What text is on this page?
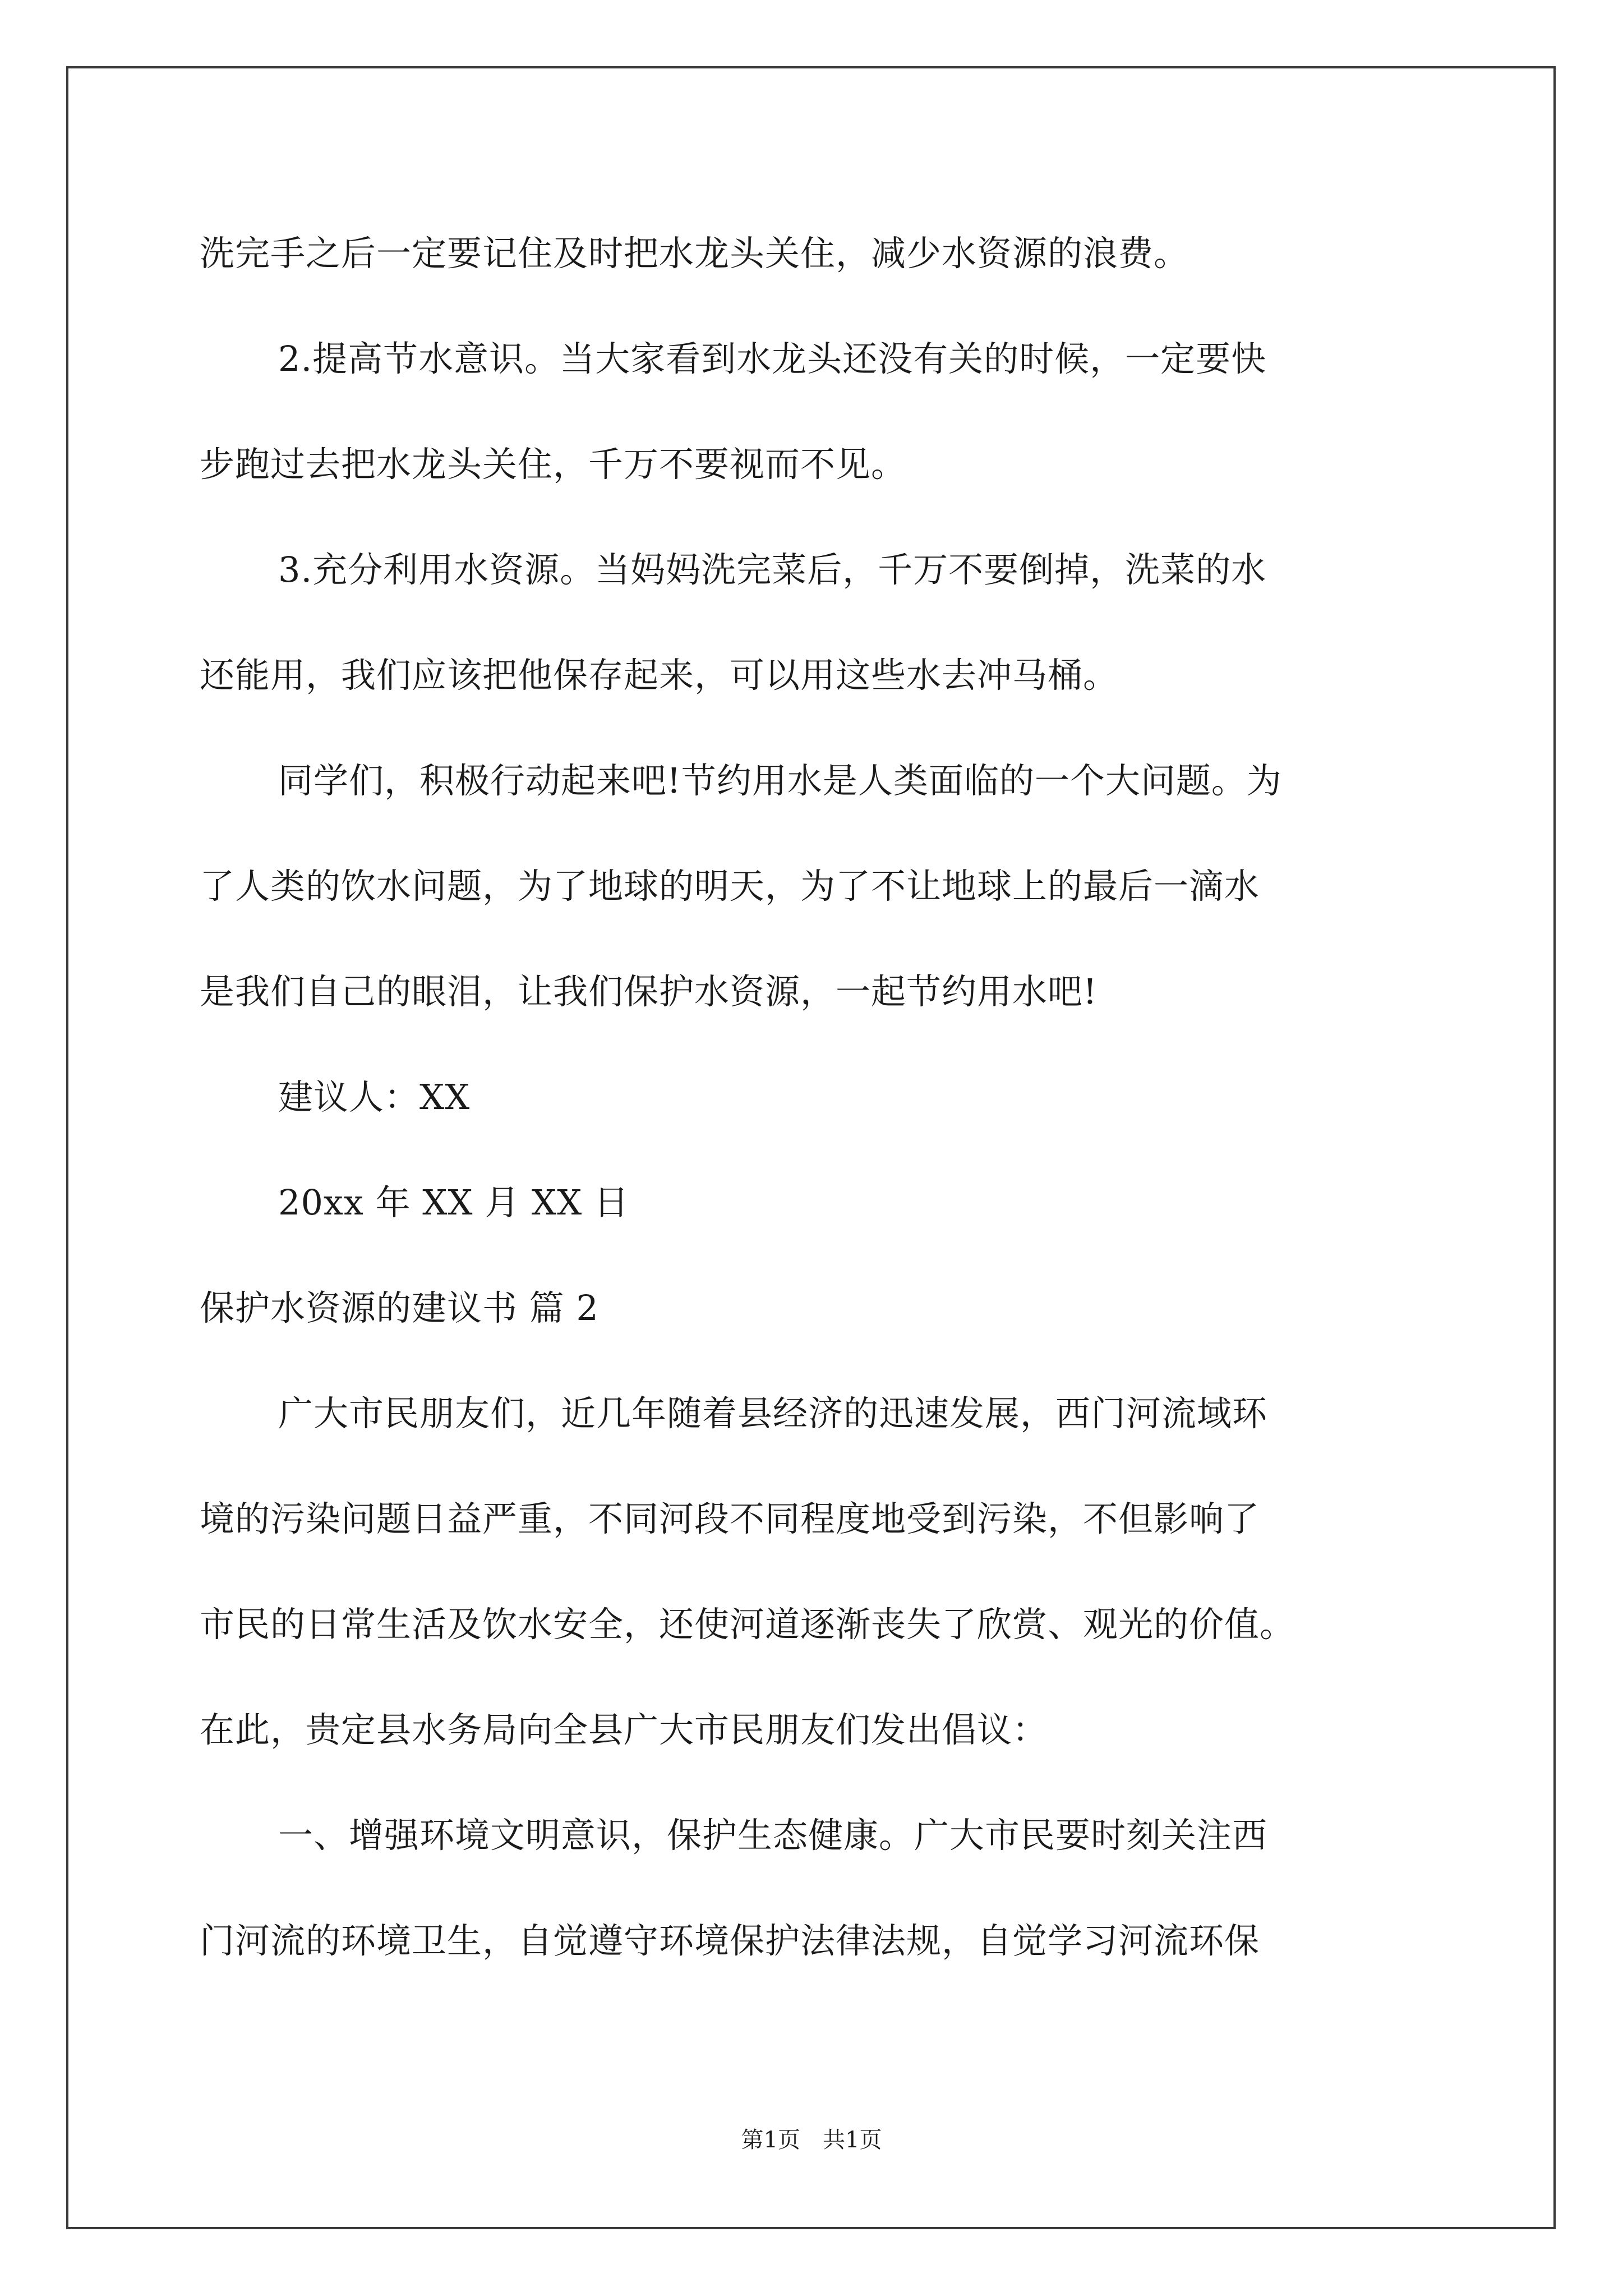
洗完手之后一定要记住及时把水龙头关住，减少水资源的浪费。
2.提高节水意识。当大家看到水龙头还没有关的时候，一定要快
步跑过去把水龙头关住，千万不要视而不见。
3.充分利用水资源。当妈妈洗完菜后，千万不要倒掉，洗菜的水
还能用，我们应该把他保存起来，可以用这些水去冲马桶。
同学们，积极行动起来吧!节约用水是人类面临的一个大问题。为
了人类的饮水问题，为了地球的明天，为了不让地球上的最后一滴水
是我们自己的眼泪，让我们保护水资源，一起节约用水吧!
建议人：XX
20xx 年 XX 月 XX 日
保护水资源的建议书 篇 2
广大市民朋友们，近几年随着县经济的迅速发展，西门河流域环
境的污染问题日益严重，不同河段不同程度地受到污染，不但影响了
市民的日常生活及饮水安全，还使河道逐渐丧失了欣赏、观光的价值。
在此，贵定县水务局向全县广大市民朋友们发出倡议：
一、增强环境文明意识，保护生态健康。广大市民要时刻关注西
门河流的环境卫生，自觉遵守环境保护法律法规，自觉学习河流环保
第1页　共1页
